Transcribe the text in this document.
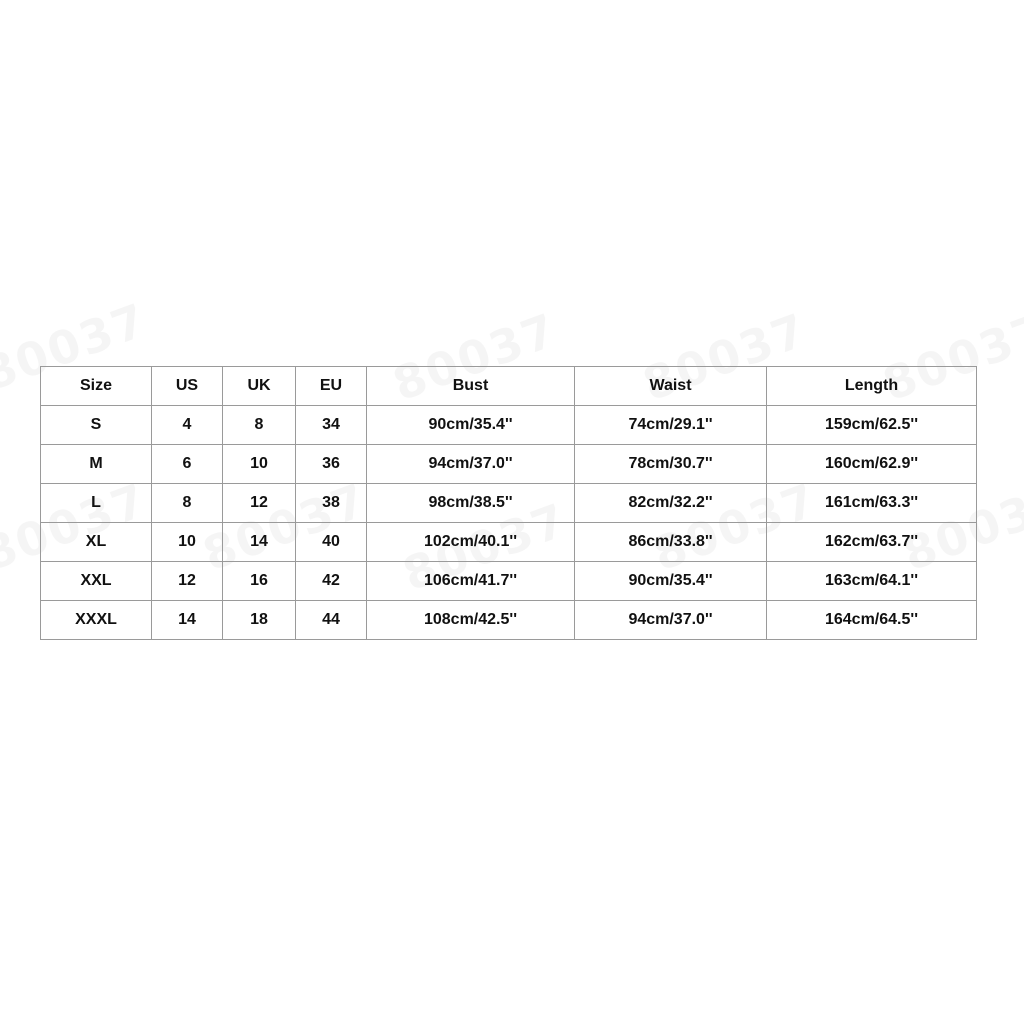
Size	US	UK	EU	Bust	Waist	Length
S	4	8	34	90cm/35.4''	74cm/29.1''	159cm/62.5''
M	6	10	36	94cm/37.0''	78cm/30.7''	160cm/62.9''
L	8	12	38	98cm/38.5''	82cm/32.2''	161cm/63.3''
XL	10	14	40	102cm/40.1''	86cm/33.8''	162cm/63.7''
XXL	12	16	42	106cm/41.7''	90cm/35.4''	163cm/64.1''
XXXL	14	18	44	108cm/42.5''	94cm/37.0''	164cm/64.5''
